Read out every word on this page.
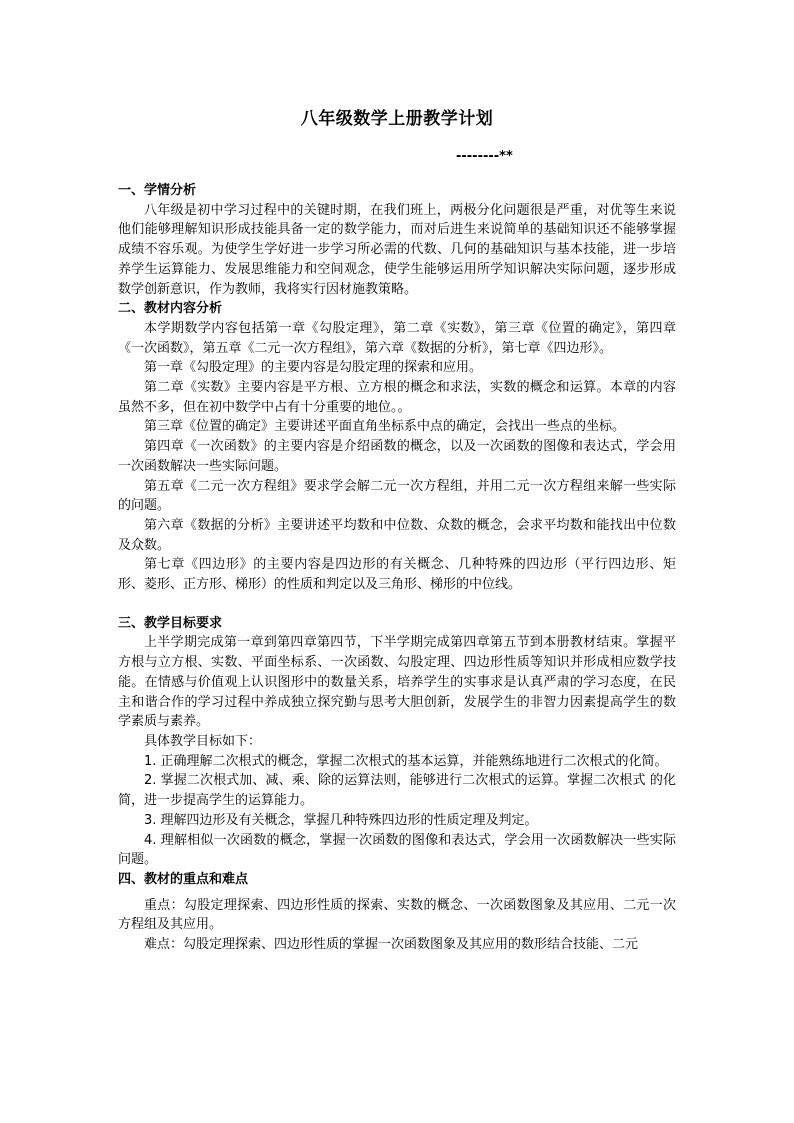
八年级数学上册教学计划
--------**

一、学情分析

八年级是初中学习过程中的关键时期，在我们班上，两极分化问题很是严重，对优等生来说他们能够理解知识形成技能具备一定的数学能力，而对后进生来说简单的基础知识还不能够掌握成绩不容乐观。为使学生学好进一步学习所必需的代数、几何的基础知识与基本技能，进一步培养学生运算能力、发展思维能力和空间观念，使学生能够运用所学知识解决实际问题，逐步形成数学创新意识，作为教师，我将实行因材施教策略。

二、教材内容分析

本学期数学内容包括第一章《勾股定理》，第二章《实数》，第三章《位置的确定》，第四章《一次函数》，第五章《二元一次方程组》，第六章《数据的分析》，第七章《四边形》。

第一章《勾股定理》的主要内容是勾股定理的探索和应用。

第二章《实数》主要内容是平方根、立方根的概念和求法，实数的概念和运算。本章的内容虽然不多，但在初中数学中占有十分重要的地位。。

第三章《位置的确定》主要讲述平面直角坐标系中点的确定，会找出一些点的坐标。

第四章《一次函数》的主要内容是介绍函数的概念，以及一次函数的图像和表达式，学会用一次函数解决一些实际问题。

第五章《二元一次方程组》要求学会解二元一次方程组，并用二元一次方程组来解一些实际的问题。

第六章《数据的分析》主要讲述平均数和中位数、众数的概念，会求平均数和能找出中位数及众数。

第七章《四边形》的主要内容是四边形的有关概念、几种特殊的四边形（平行四边形、矩形、菱形、正方形、梯形）的性质和判定以及三角形、梯形的中位线。

三、教学目标要求

上半学期完成第一章到第四章第四节，下半学期完成第四章第五节到本册教材结束。掌握平方根与立方根、实数、平面坐标系、一次函数、勾股定理、四边形性质等知识并形成相应数学技能。在情感与价值观上认识图形中的数量关系，培养学生的实事求是认真严肃的学习态度，在民主和谐合作的学习过程中养成独立探究勤与思考大胆创新，发展学生的非智力因素提高学生的数学素质与素养。

具体教学目标如下：

1. 正确理解二次根式的概念，掌握二次根式的基本运算，并能熟练地进行二次根式的化简。

2. 掌握二次根式加、减、乘、除的运算法则，能够进行二次根式的运算。掌握二次根式 的化简，进一步提高学生的运算能力。

3. 理解四边形及有关概念，掌握几种特殊四边形的性质定理及判定。

4. 理解相似一次函数的概念，掌握一次函数的图像和表达式，学会用一次函数解决一些实际问题。

四、教材的重点和难点

重点：勾股定理探索、四边形性质的探索、实数的概念、一次函数图象及其应用、二元一次方程组及其应用。

难点：勾股定理探索、四边形性质的掌握一次函数图象及其应用的数形结合技能、二元
